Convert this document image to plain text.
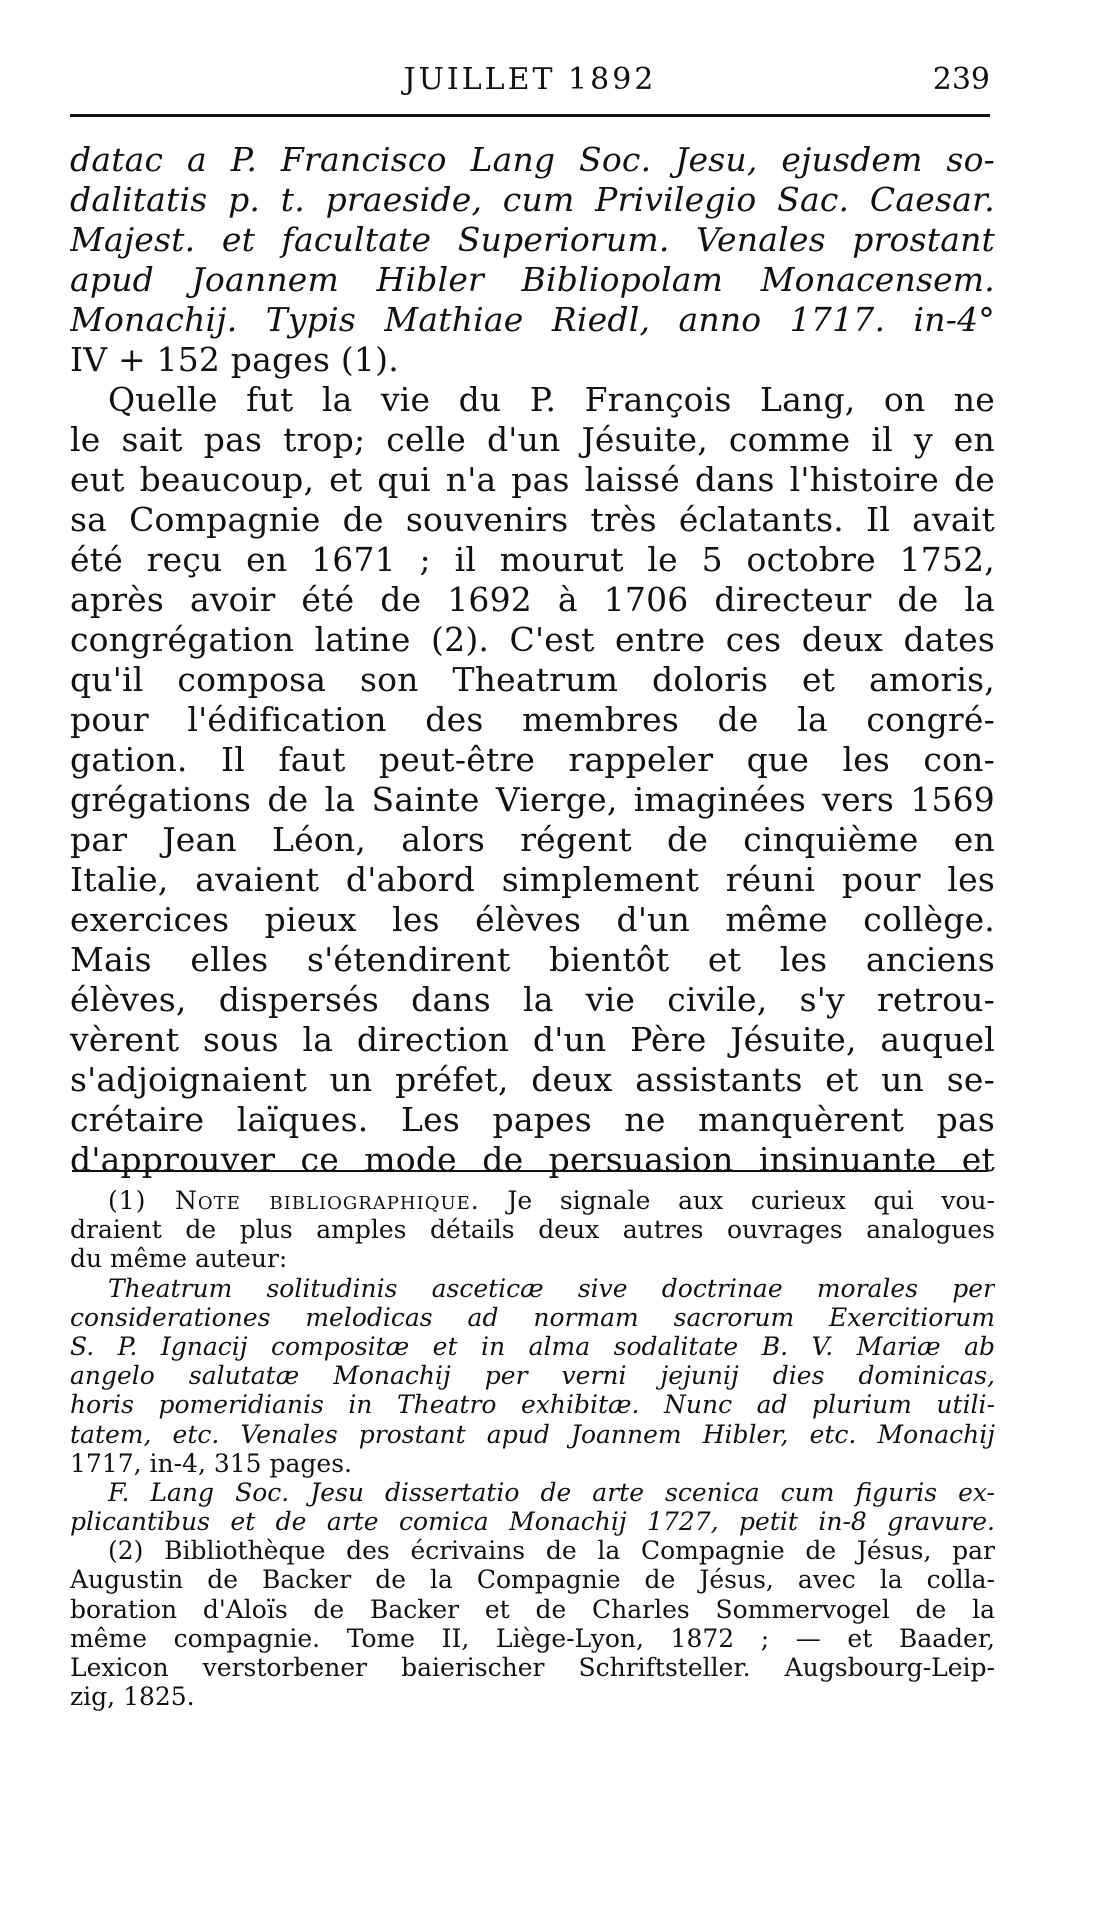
JUILLET 1892	239
datac a P. Francisco Lang Soc. Jesu, ejusdem so-
dalitatis p. t. praeside, cum Privilegio Sac. Caesar.
Majest. et facultate Superiorum. Venales prostant
apud Joannem Hibler Bibliopolam Monacensem.
Monachij. Typis Mathiae Riedl, anno 1717. in-4°
IV + 152 pages (1).
Quelle fut la vie du P. François Lang, on ne
le sait pas trop; celle d'un Jésuite, comme il y en
eut beaucoup, et qui n'a pas laissé dans l'histoire de
sa Compagnie de souvenirs très éclatants. Il avait
été reçu en 1671 ; il mourut le 5 octobre 1752,
après avoir été de 1692 à 1706 directeur de la
congrégation latine (2). C'est entre ces deux dates
qu'il composa son Theatrum doloris et amoris,
pour l'édification des membres de la congré-
gation. Il faut peut-être rappeler que les con-
grégations de la Sainte Vierge, imaginées vers 1569
par Jean Léon, alors régent de cinquième en
Italie, avaient d'abord simplement réuni pour les
exercices pieux les élèves d'un même collège.
Mais elles s'étendirent bientôt et les anciens
élèves, dispersés dans la vie civile, s'y retrou-
vèrent sous la direction d'un Père Jésuite, auquel
s'adjoignaient un préfet, deux assistants et un se-
crétaire laïques. Les papes ne manquèrent pas
d'approuver ce mode de persuasion insinuante et
(1) Note bibliographique. Je signale aux curieux qui vou-
draient de plus amples détails deux autres ouvrages analogues
du même auteur:
Theatrum solitudinis asceticæ sive doctrinae morales per
considerationes melodicas ad normam sacrorum Exercitiorum
S. P. Ignacij compositæ et in alma sodalitate B. V. Mariæ ab
angelo salutatæ Monachij per verni jejunij dies dominicas,
horis pomeridianis in Theatro exhibitæ. Nunc ad plurium utili-
tatem, etc. Venales prostant apud Joannem Hibler, etc. Monachij
1717, in-4, 315 pages.
F. Lang Soc. Jesu dissertatio de arte scenica cum figuris ex-
plicantibus et de arte comica Monachij 1727, petit in-8 gravure.
(2) Bibliothèque des écrivains de la Compagnie de Jésus, par
Augustin de Backer de la Compagnie de Jésus, avec la colla-
boration d'Aloïs de Backer et de Charles Sommervogel de la
même compagnie. Tome II, Liège-Lyon, 1872 ; — et Baader,
Lexicon verstorbener baierischer Schriftsteller. Augsbourg-Leip-
zig, 1825.
